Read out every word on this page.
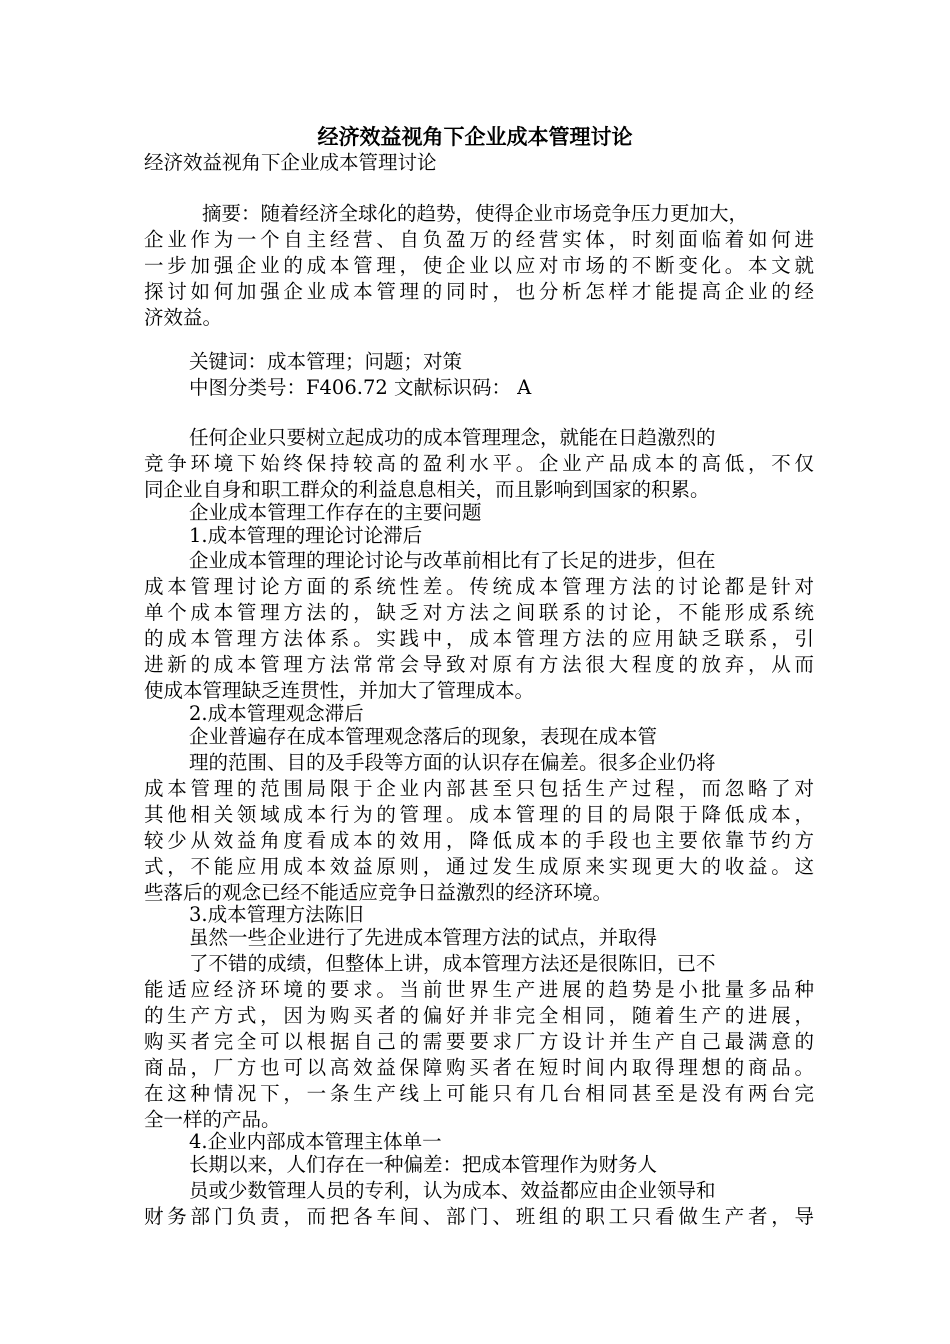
经济效益视角下企业成本管理讨论
经济效益视角下企业成本管理讨论
摘要：随着经济全球化的趋势，使得企业市场竞争压力更加大，
企业作为一个自主经营、自负盈万的经营实体，时刻面临着如何进
一步加强企业的成本管理，使企业以应对市场的不断变化。本文就
探讨如何加强企业成本管理的同时，也分析怎样才能提高企业的经
济效益。
关键词：成本管理；问题；对策
中图分类号：F406.72 文献标识码： A
任何企业只要树立起成功的成本管理理念，就能在日趋激烈的
竞争环境下始终保持较高的盈利水平。企业产品成本的高低，不仅
同企业自身和职工群众的利益息息相关，而且影响到国家的积累。
企业成本管理工作存在的主要问题
1.成本管理的理论讨论滞后
企业成本管理的理论讨论与改革前相比有了长足的进步，但在
成本管理讨论方面的系统性差。传统成本管理方法的讨论都是针对
单个成本管理方法的，缺乏对方法之间联系的讨论，不能形成系统
的成本管理方法体系。实践中，成本管理方法的应用缺乏联系，引
进新的成本管理方法常常会导致对原有方法很大程度的放弃，从而
使成本管理缺乏连贯性，并加大了管理成本。
2.成本管理观念滞后
企业普遍存在成本管理观念落后的现象，表现在成本管
理的范围、目的及手段等方面的认识存在偏差。很多企业仍将
成本管理的范围局限于企业内部甚至只包括生产过程，而忽略了对
其他相关领域成本行为的管理。成本管理的目的局限于降低成本，
较少从效益角度看成本的效用，降低成本的手段也主要依靠节约方
式，不能应用成本效益原则，通过发生成原来实现更大的收益。这
些落后的观念已经不能适应竞争日益激烈的经济环境。
3.成本管理方法陈旧
虽然一些企业进行了先进成本管理方法的试点，并取得
了不错的成绩，但整体上讲，成本管理方法还是很陈旧，已不
能适应经济环境的要求。当前世界生产进展的趋势是小批量多品种
的生产方式，因为购买者的偏好并非完全相同，随着生产的进展，
购买者完全可以根据自己的需要要求厂方设计并生产自己最满意的
商品，厂方也可以高效益保障购买者在短时间内取得理想的商品。
在这种情况下，一条生产线上可能只有几台相同甚至是没有两台完
全一样的产品。
4.企业内部成本管理主体单一
长期以来，人们存在一种偏差：把成本管理作为财务人
员或少数管理人员的专利，认为成本、效益都应由企业领导和
财务部门负责，而把各车间、部门、班组的职工只看做生产者，导
